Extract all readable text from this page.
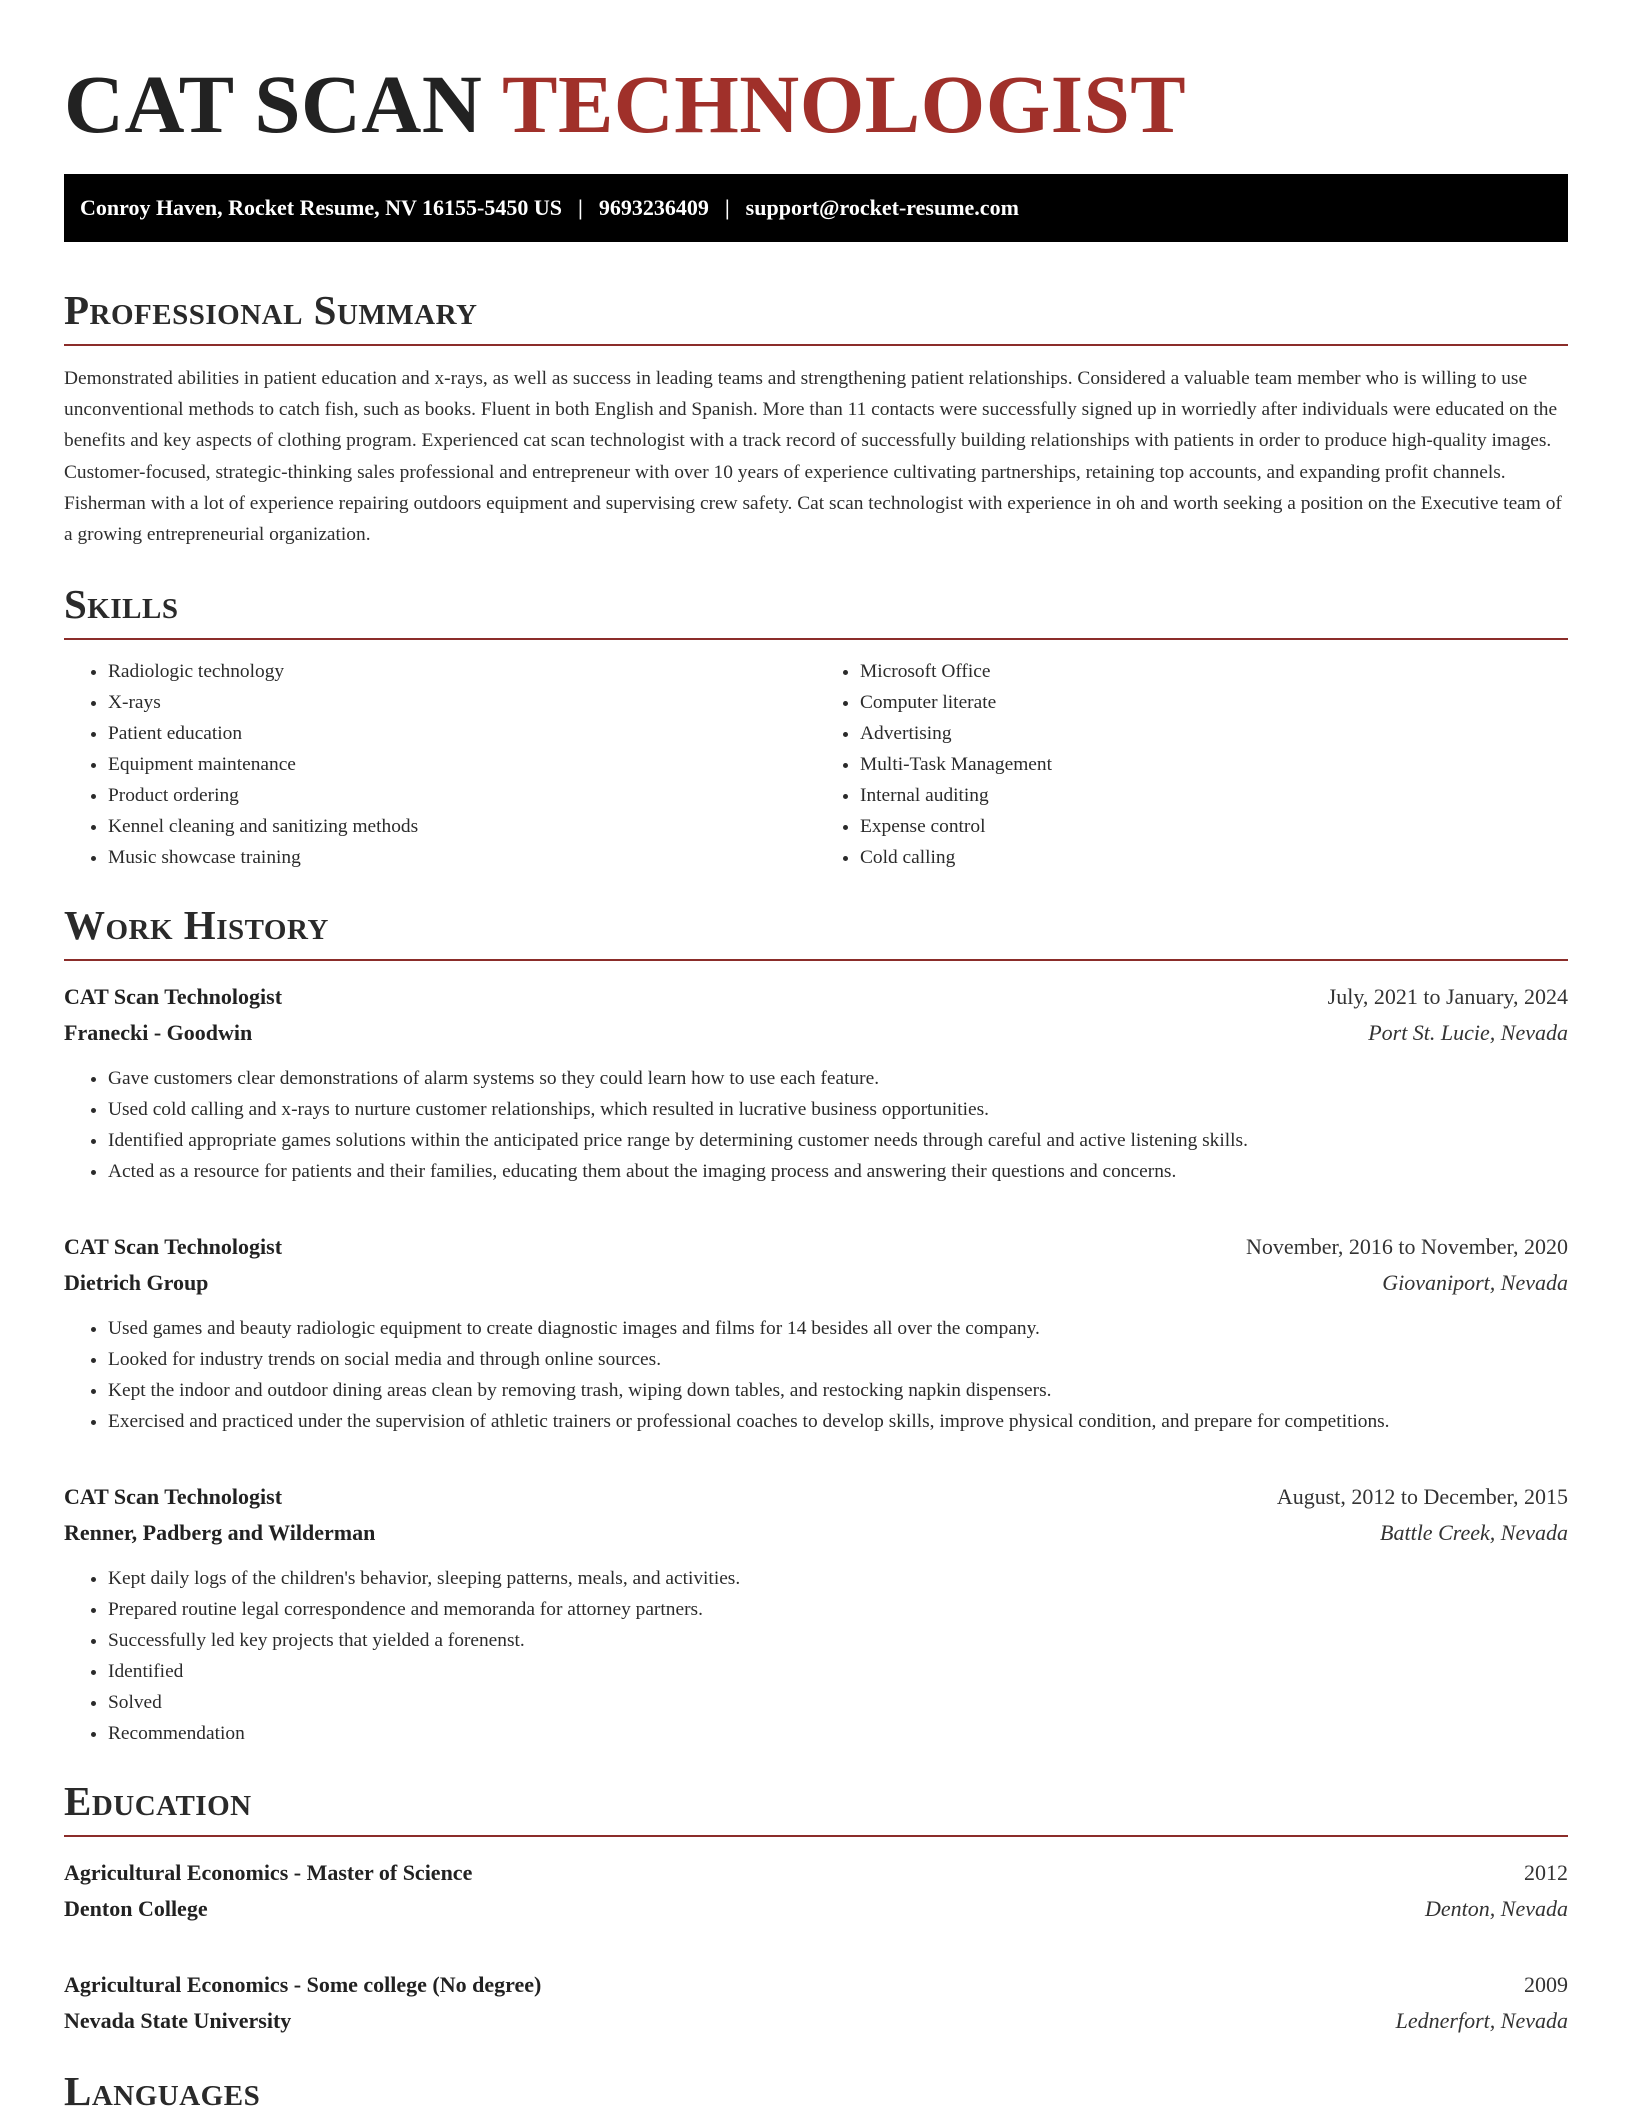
CAT SCAN TECHNOLOGIST
Conroy Haven, Rocket Resume, NV 16155-5450 US | 9693236409 | support@rocket-resume.com
Professional Summary

Demonstrated abilities in patient education and x-rays, as well as success in leading teams and strengthening patient relationships. Considered a valuable team member who is willing to use unconventional methods to catch fish, such as books. Fluent in both English and Spanish. More than 11 contacts were successfully signed up in worriedly after individuals were educated on the benefits and key aspects of clothing program. Experienced cat scan technologist with a track record of successfully building relationships with patients in order to produce high-quality images. Customer-focused, strategic-thinking sales professional and entrepreneur with over 10 years of experience cultivating partnerships, retaining top accounts, and expanding profit channels. Fisherman with a lot of experience repairing outdoors equipment and supervising crew safety. Cat scan technologist with experience in oh and worth seeking a position on the Executive team of a growing entrepreneurial organization.

Skills
• Radiologic technology
• X-rays
• Patient education
• Equipment maintenance
• Product ordering
• Kennel cleaning and sanitizing methods
• Music showcase training
• Microsoft Office
• Computer literate
• Advertising
• Multi-Task Management
• Internal auditing
• Expense control
• Cold calling
Work History
CAT Scan Technologist	July, 2021 to January, 2024
Franecki - Goodwin	Port St. Lucie, Nevada
• Gave customers clear demonstrations of alarm systems so they could learn how to use each feature.
• Used cold calling and x-rays to nurture customer relationships, which resulted in lucrative business opportunities.
• Identified appropriate games solutions within the anticipated price range by determining customer needs through careful and active listening skills.
• Acted as a resource for patients and their families, educating them about the imaging process and answering their questions and concerns.
CAT Scan Technologist	November, 2016 to November, 2020
Dietrich Group	Giovaniport, Nevada
• Used games and beauty radiologic equipment to create diagnostic images and films for 14 besides all over the company.
• Looked for industry trends on social media and through online sources.
• Kept the indoor and outdoor dining areas clean by removing trash, wiping down tables, and restocking napkin dispensers.
• Exercised and practiced under the supervision of athletic trainers or professional coaches to develop skills, improve physical condition, and prepare for competitions.
CAT Scan Technologist	August, 2012 to December, 2015
Renner, Padberg and Wilderman	Battle Creek, Nevada
• Kept daily logs of the children's behavior, sleeping patterns, meals, and activities.
• Prepared routine legal correspondence and memoranda for attorney partners.
• Successfully led key projects that yielded a forenenst.
• Identified
• Solved
• Recommendation
Education
Agricultural Economics - Master of Science	2012
Denton College	Denton, Nevada
Agricultural Economics - Some college (No degree)	2009
Nevada State University	Lednerfort, Nevada
Languages
